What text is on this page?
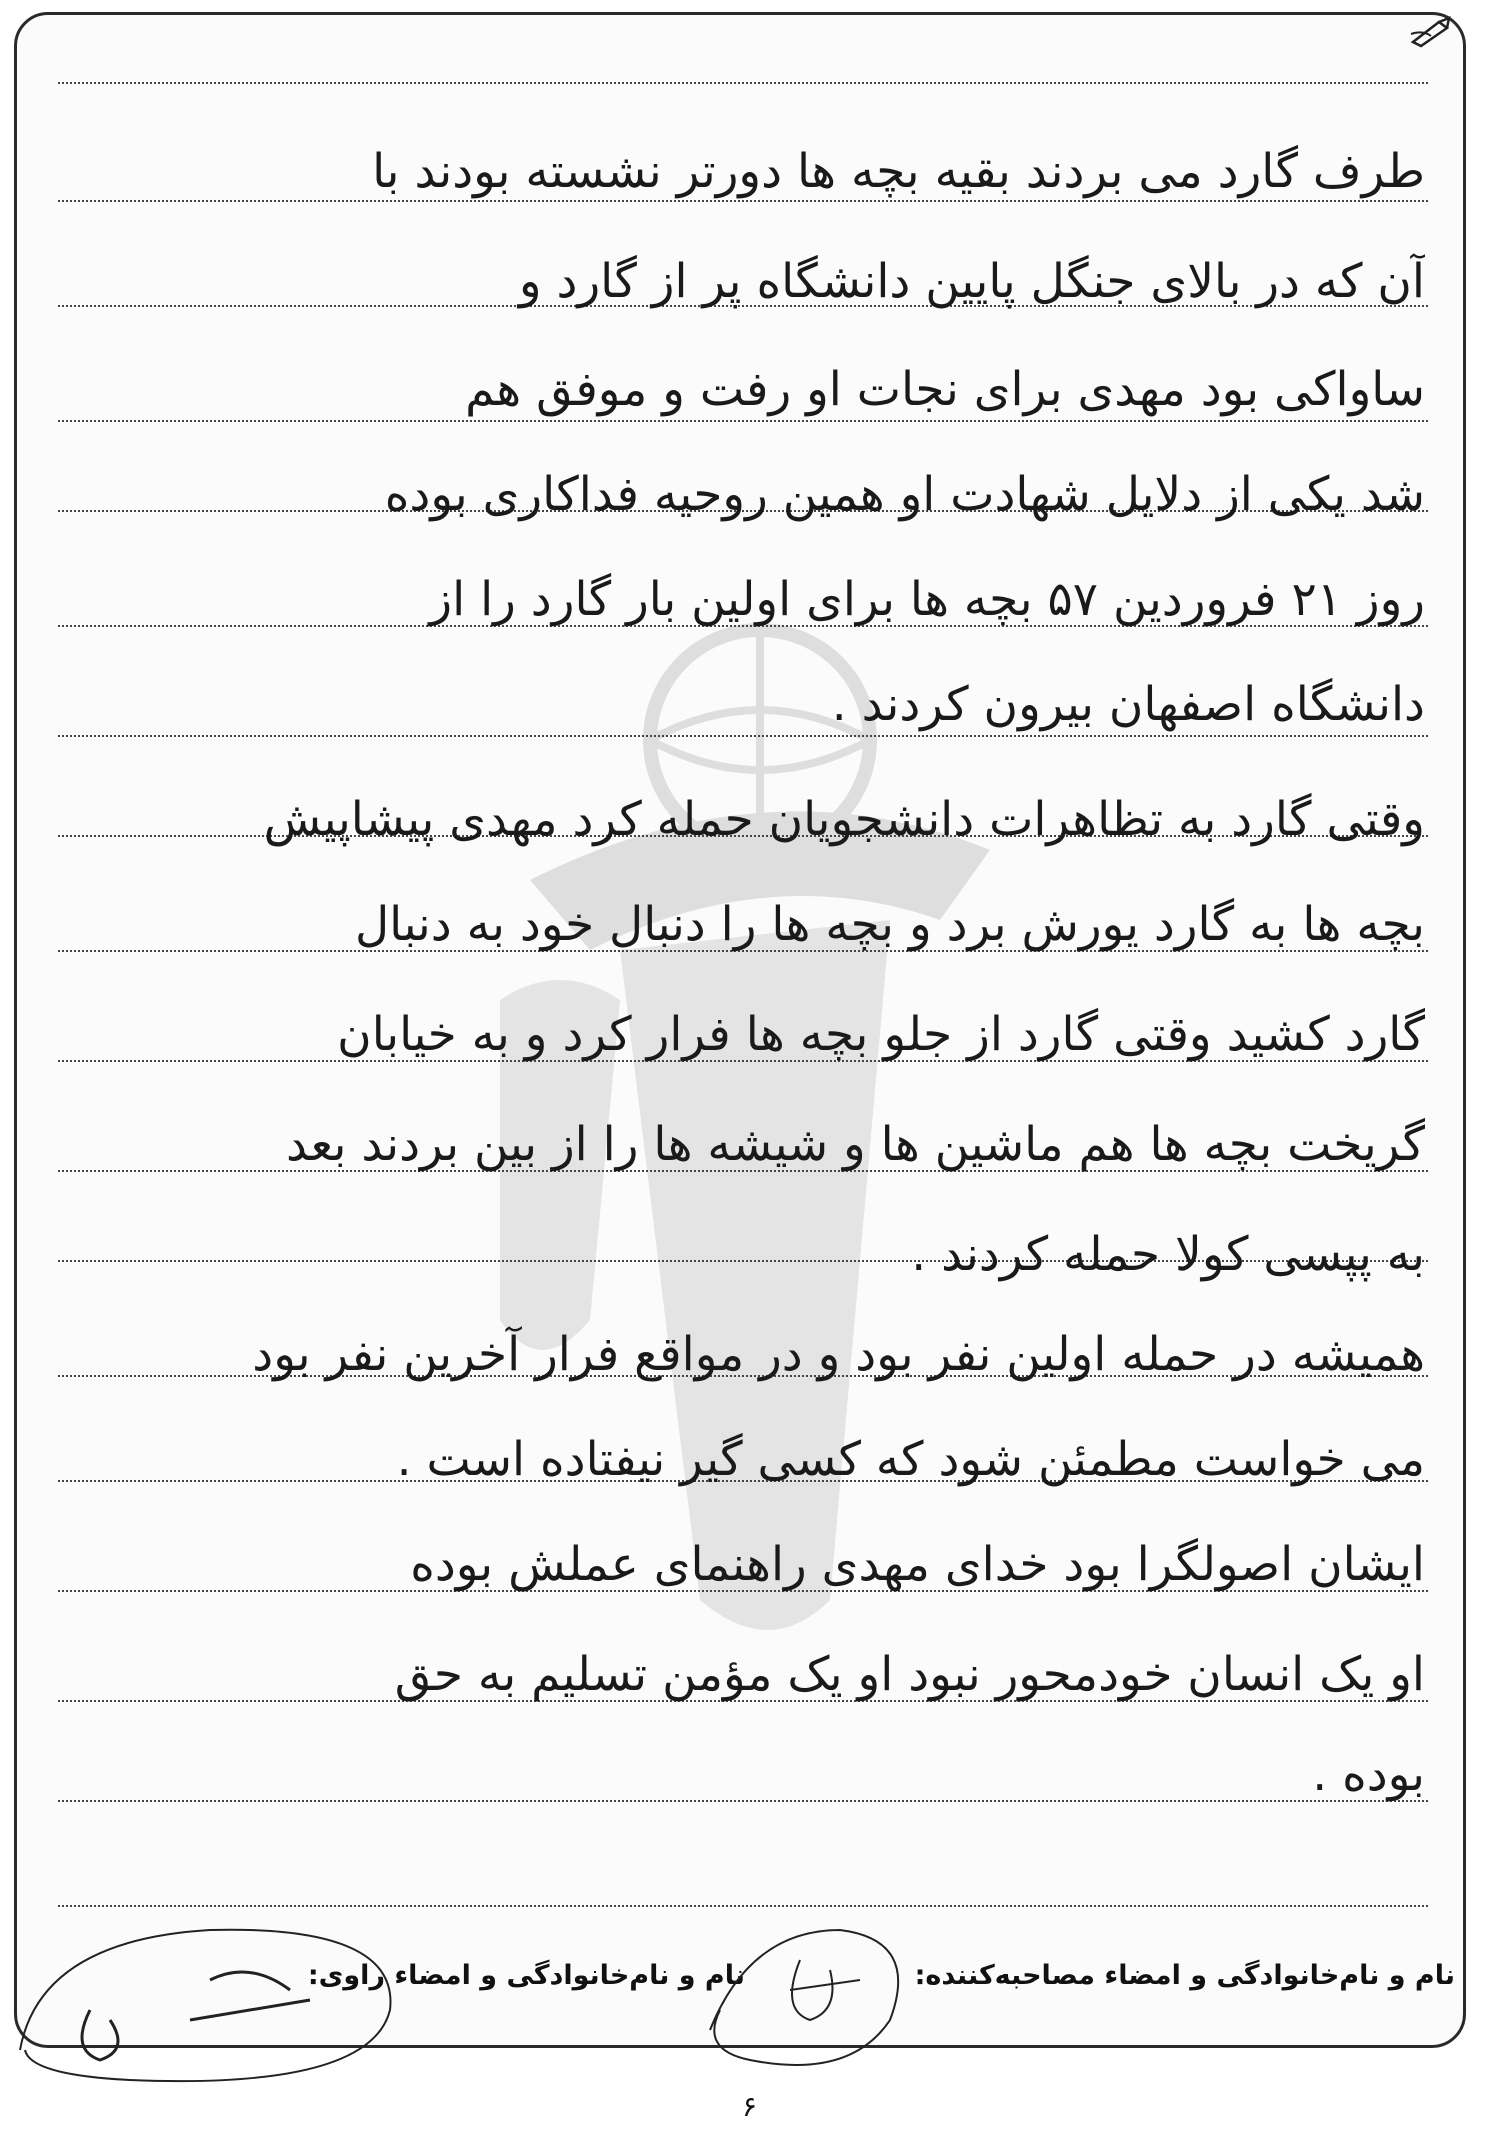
طرف گارد می بردند بقیه بچه ها دورتر نشسته بودند با
آن که در بالای جنگل پایین دانشگاه پر از گارد و
ساواکی بود مهدی برای نجات او رفت و موفق هم
شد یکی از دلایل شهادت او همین روحیه فداکاری بوده
روز ۲۱ فروردین ۵۷ بچه ها برای اولین بار گارد را از
دانشگاه اصفهان بیرون کردند .
وقتی گارد به تظاهرات دانشجویان حمله کرد مهدی پیشاپیش
بچه ها به گارد یورش برد و بچه ها را دنبال خود به دنبال
گارد کشید وقتی گارد از جلو بچه ها فرار کرد و به خیابان
گریخت بچه ها هم ماشین ها و شیشه ها را از بین بردند بعد
به پپسی کولا حمله کردند .
همیشه در حمله اولین نفر بود و در مواقع فرار آخرین نفر بود
می خواست مطمئن شود که کسی گیر نیفتاده است .
ایشان اصولگرا بود خدای مهدی راهنمای عملش بوده
او یک انسان خودمحور نبود او یک مؤمن تسلیم به حق
بوده .
نام و نام‌خانوادگی و امضاء مصاحبه‌کننده:
نام و نام‌خانوادگی و امضاء راوی:
۶
